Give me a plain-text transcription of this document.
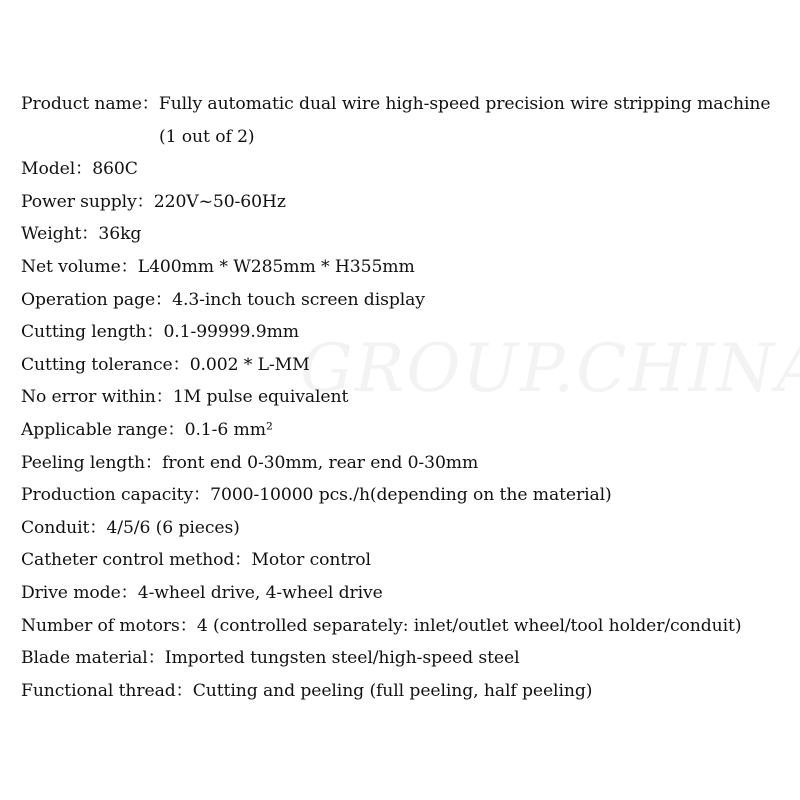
Product name：Fully automatic dual wire high-speed precision wire stripping machine
(1 out of 2)
Model：860C
Power supply：220V~50-60Hz
Weight：36kg
Net volume：L400mm * W285mm * H355mm
Operation page：4.3-inch touch screen display
Cutting length：0.1-99999.9mm
Cutting tolerance：0.002 * L-MM
No error within：1M pulse equivalent
Applicable range：0.1-6 mm²
Peeling length：front end 0-30mm, rear end 0-30mm
Production capacity：7000-10000 pcs./h(depending on the material)
Conduit：4/5/6 (6 pieces)
Catheter control method：Motor control
Drive mode：4-wheel drive, 4-wheel drive
Number of motors：4 (controlled separately: inlet/outlet wheel/tool holder/conduit)
Blade material：Imported tungsten steel/high-speed steel
Functional thread：Cutting and peeling (full peeling, half peeling)
